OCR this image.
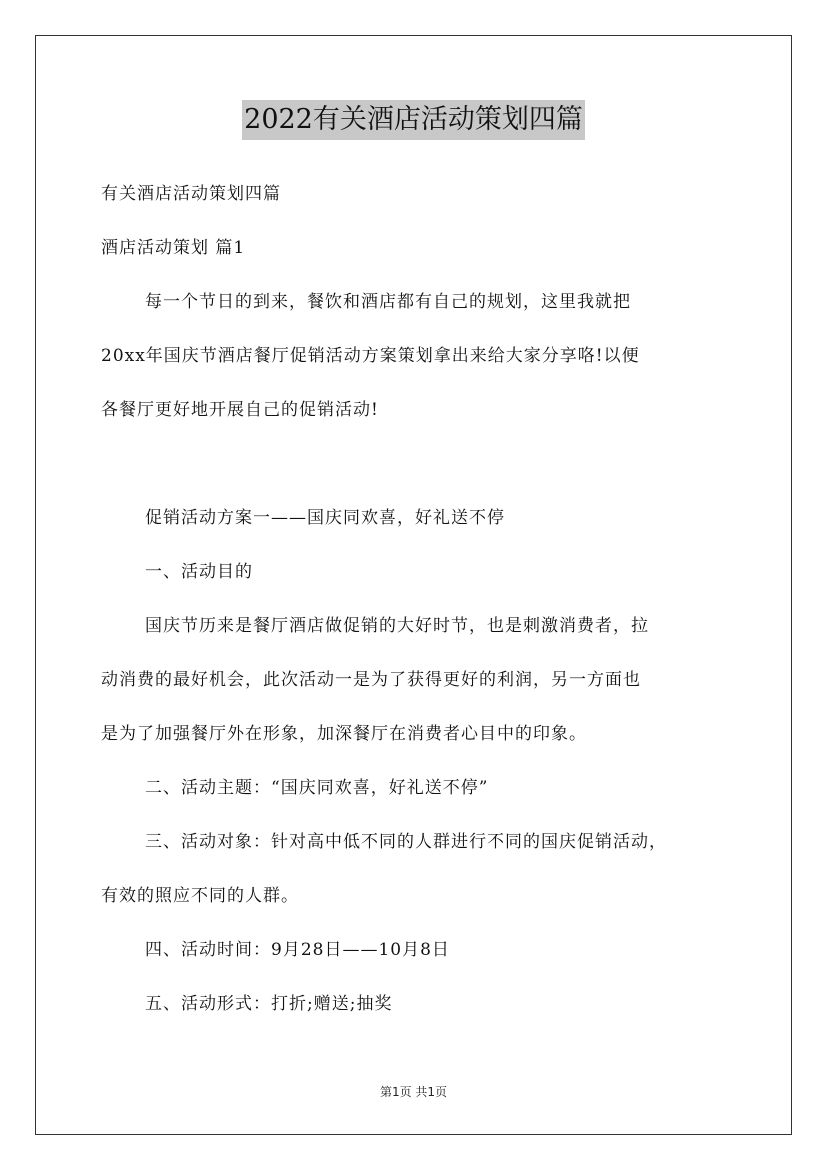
2022有关酒店活动策划四篇
有关酒店活动策划四篇
酒店活动策划 篇1
每一个节日的到来，餐饮和酒店都有自己的规划，这里我就把
20xx年国庆节酒店餐厅促销活动方案策划拿出来给大家分享咯!以便
各餐厅更好地开展自己的促销活动!
促销活动方案一——国庆同欢喜，好礼送不停
一、活动目的
国庆节历来是餐厅酒店做促销的大好时节，也是刺激消费者，拉
动消费的最好机会，此次活动一是为了获得更好的利润，另一方面也
是为了加强餐厅外在形象，加深餐厅在消费者心目中的印象。
二、活动主题：“国庆同欢喜，好礼送不停”
三、活动对象：针对高中低不同的人群进行不同的国庆促销活动，
有效的照应不同的人群。
四、活动时间：9月28日——10月8日
五、活动形式：打折;赠送;抽奖
第1页 共1页
